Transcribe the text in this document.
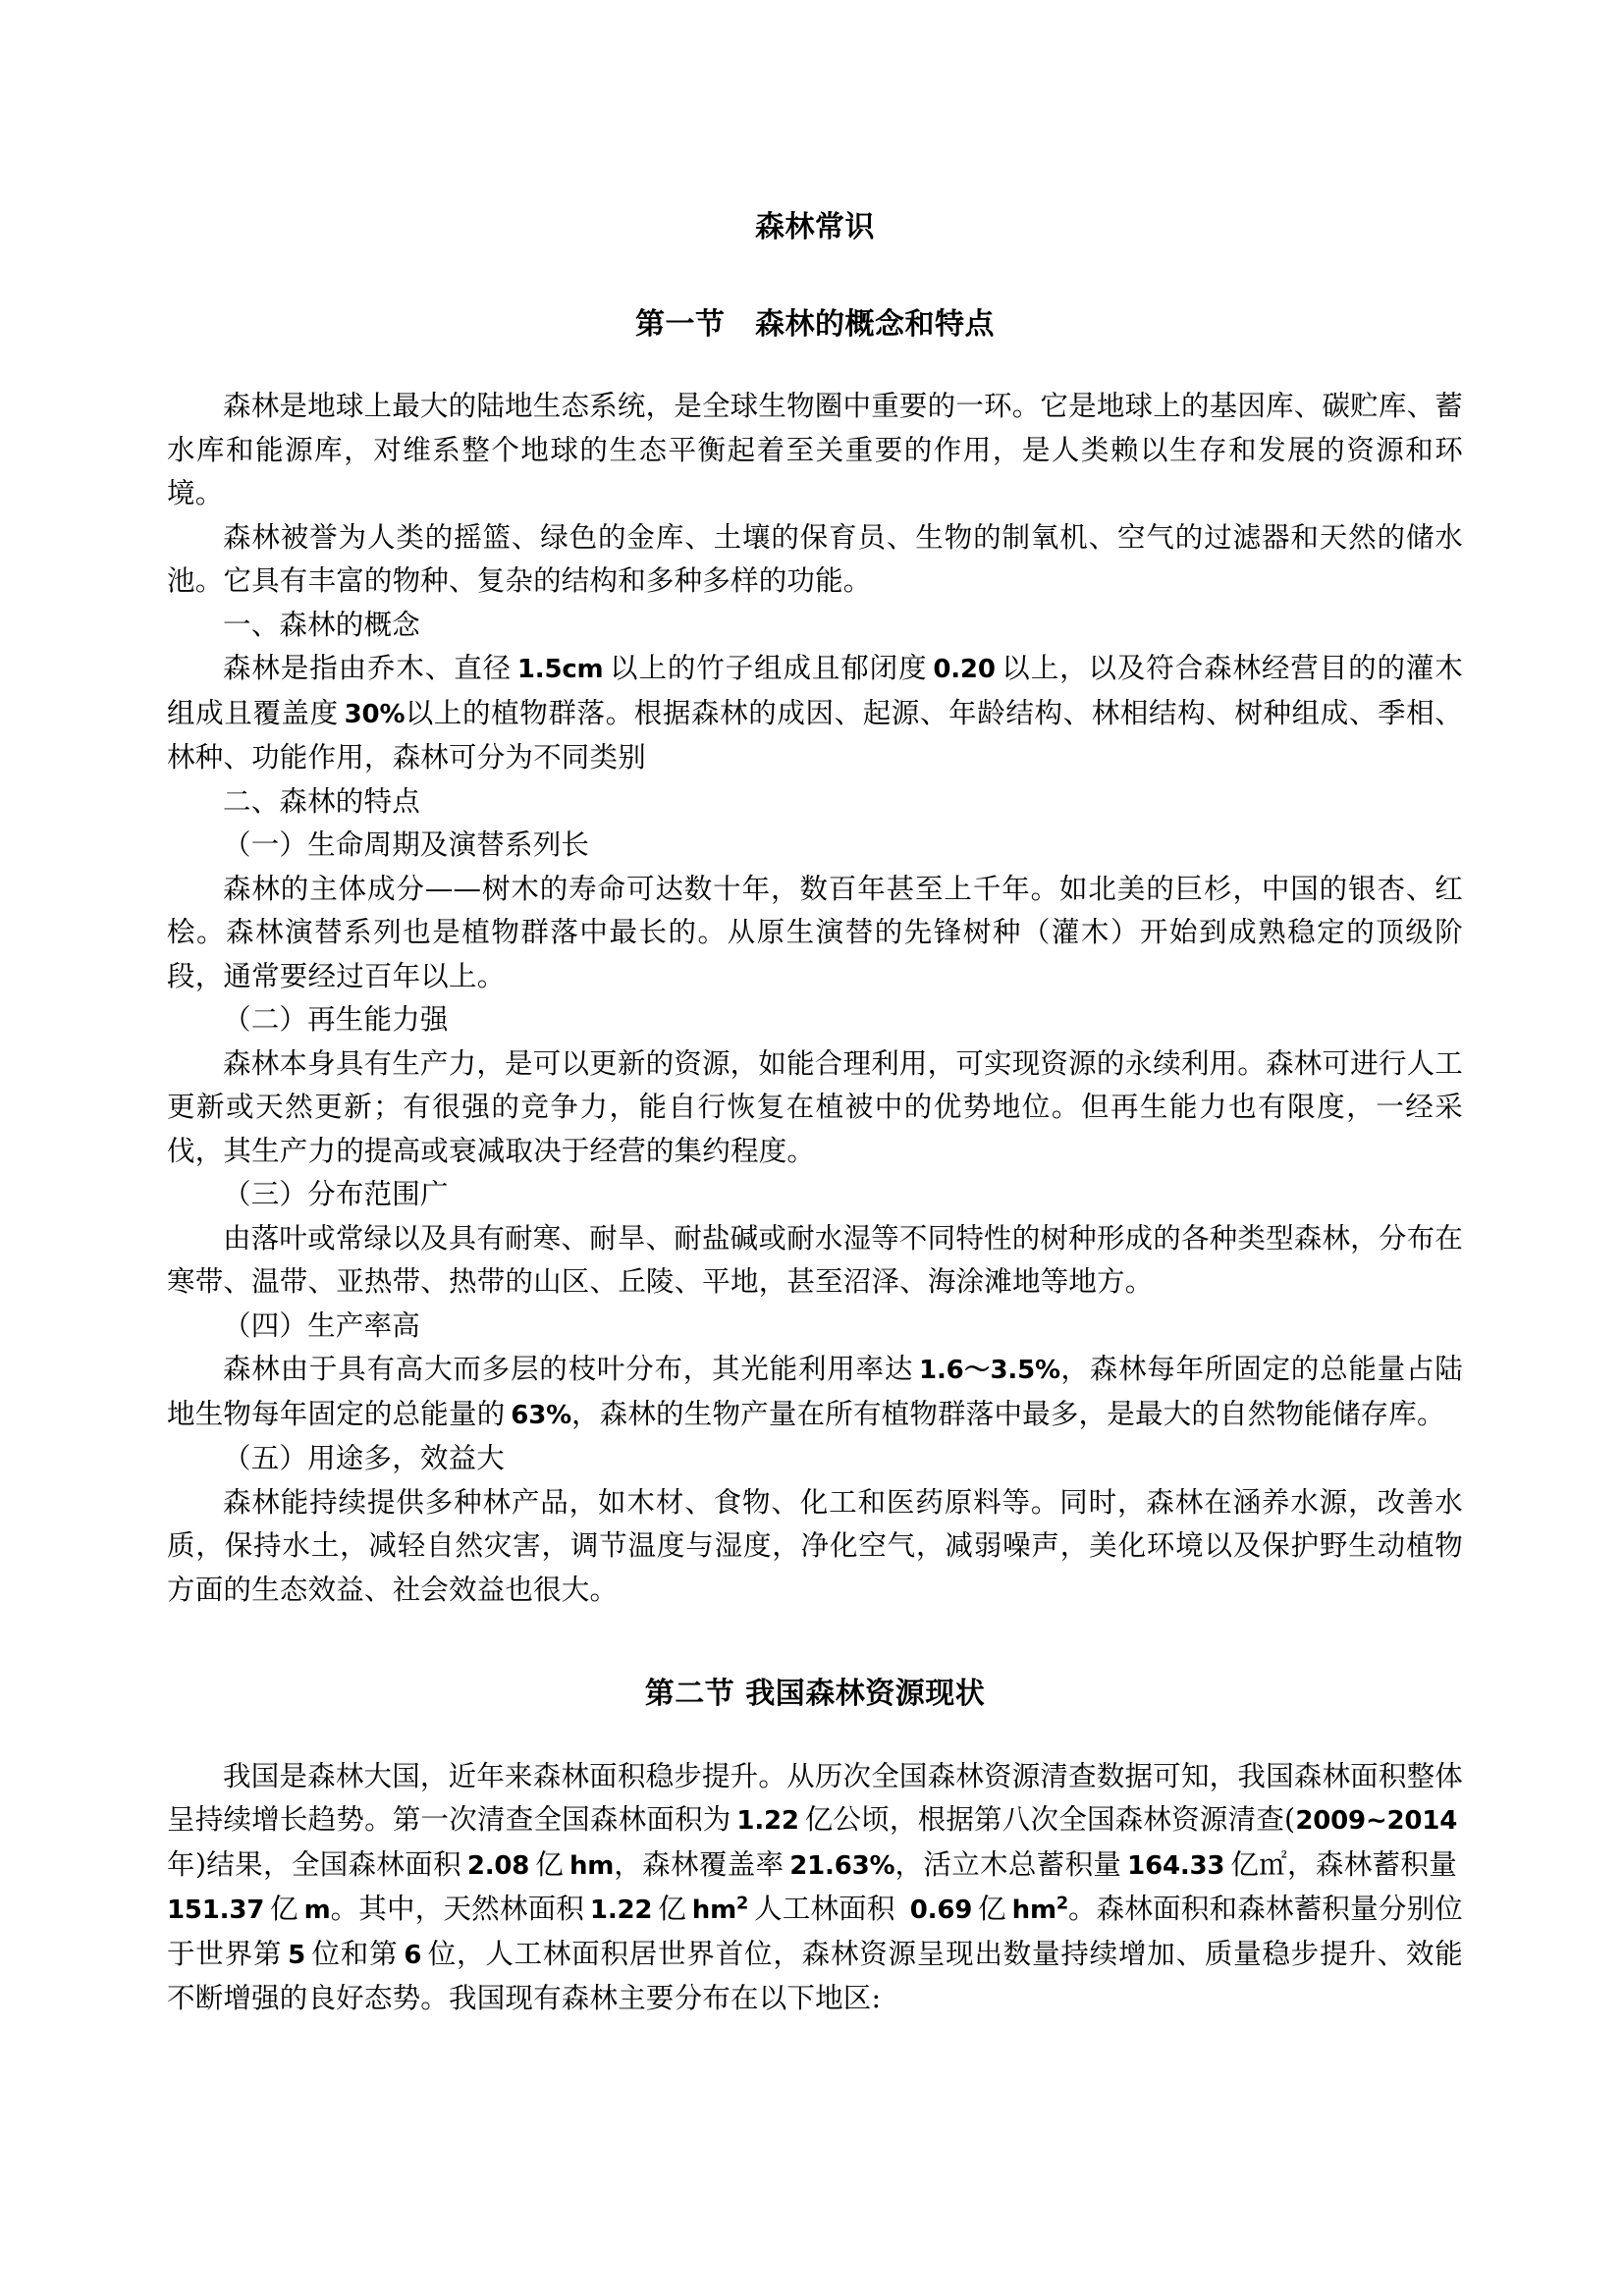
森林常识
第一节　森林的概念和特点

森林是地球上最大的陆地生态系统，是全球生物圈中重要的一环。它是地球上的基因库、碳贮库、蓄水库和能源库，对维系整个地球的生态平衡起着至关重要的作用，是人类赖以生存和发展的资源和环境。

森林被誉为人类的摇篮、绿色的金库、土壤的保育员、生物的制氧机、空气的过滤器和天然的储水池。它具有丰富的物种、复杂的结构和多种多样的功能。

一、森林的概念

森林是指由乔木、直径 1.5cm 以上的竹子组成且郁闭度 0.20 以上，以及符合森林经营目的的灌木组成且覆盖度 30%以上的植物群落。根据森林的成因、起源、年龄结构、林相结构、树种组成、季相、林种、功能作用，森林可分为不同类别

二、森林的特点

（一）生命周期及演替系列长

森林的主体成分——树木的寿命可达数十年，数百年甚至上千年。如北美的巨杉，中国的银杏、红桧。森林演替系列也是植物群落中最长的。从原生演替的先锋树种（灌木）开始到成熟稳定的顶级阶段，通常要经过百年以上。

（二）再生能力强

森林本身具有生产力，是可以更新的资源，如能合理利用，可实现资源的永续利用。森林可进行人工更新或天然更新；有很强的竞争力，能自行恢复在植被中的优势地位。但再生能力也有限度，一经采伐，其生产力的提高或衰减取决于经营的集约程度。

（三）分布范围广

由落叶或常绿以及具有耐寒、耐旱、耐盐碱或耐水湿等不同特性的树种形成的各种类型森林，分布在寒带、温带、亚热带、热带的山区、丘陵、平地，甚至沼泽、海涂滩地等地方。

（四）生产率高

森林由于具有高大而多层的枝叶分布，其光能利用率达 1.6～3.5%，森林每年所固定的总能量占陆地生物每年固定的总能量的 63%，森林的生物产量在所有植物群落中最多，是最大的自然物能储存库。

（五）用途多，效益大

森林能持续提供多种林产品，如木材、食物、化工和医药原料等。同时，森林在涵养水源，改善水质，保持水土，减轻自然灾害，调节温度与湿度，净化空气，减弱噪声，美化环境以及保护野生动植物方面的生态效益、社会效益也很大。

第二节 我国森林资源现状

我国是森林大国，近年来森林面积稳步提升。从历次全国森林资源清查数据可知，我国森林面积整体呈持续增长趋势。第一次清查全国森林面积为 1.22 亿公顷，根据第八次全国森林资源清查(2009~2014 年)结果，全国森林面积 2.08 亿 hm，森林覆盖率 21.63%，活立木总蓄积量 164.33 亿㎡，森林蓄积量 151.37 亿 m。其中，天然林面积 1.22 亿 $hm^2$ 人工林面积  0.69 亿 $hm^2$。森林面积和森林蓄积量分别位于世界第 5 位和第 6 位，人工林面积居世界首位，森林资源呈现出数量持续增加、质量稳步提升、效能不断增强的良好态势。我国现有森林主要分布在以下地区:
